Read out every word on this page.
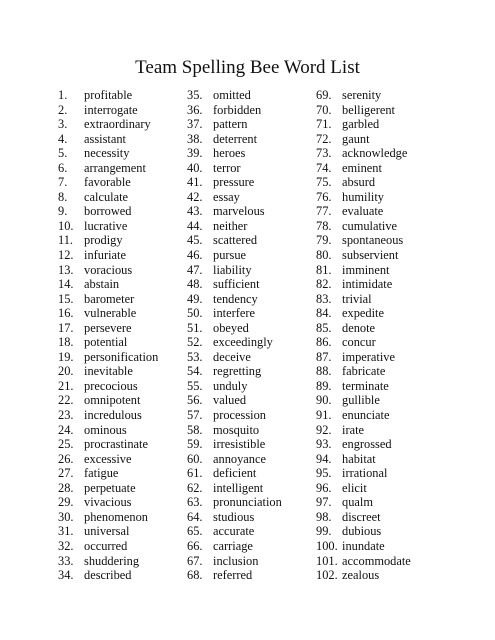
Team Spelling Bee Word List
1.	profitable
2.	interrogate
3.	extraordinary
4.	assistant
5.	necessity
6.	arrangement
7.	favorable
8.	calculate
9.	borrowed
10. lucrative
11. prodigy
12. infuriate
13. voracious
14. abstain
15. barometer
16. vulnerable
17. persevere
18. potential
19. personification
20. inevitable
21. precocious
22. omnipotent
23. incredulous
24. ominous
25. procrastinate
26. excessive
27. fatigue
28. perpetuate
29. vivacious
30. phenomenon
31. universal
32. occurred
33. shuddering
34. described
35. omitted
36. forbidden
37. pattern
38. deterrent
39. heroes
40. terror
41. pressure
42. essay
43. marvelous
44. neither
45. scattered
46. pursue
47. liability
48. sufficient
49. tendency
50. interfere
51. obeyed
52. exceedingly
53. deceive
54. regretting
55. unduly
56. valued
57. procession
58. mosquito
59. irresistible
60. annoyance
61. deficient
62. intelligent
63. pronunciation
64. studious
65. accurate
66. carriage
67. inclusion
68. referred
69. serenity
70. belligerent
71. garbled
72. gaunt
73. acknowledge
74. eminent
75. absurd
76. humility
77. evaluate
78. cumulative
79. spontaneous
80. subservient
81. imminent
82. intimidate
83. trivial
84. expedite
85. denote
86. concur
87. imperative
88. fabricate
89. terminate
90. gullible
91. enunciate
92. irate
93. engrossed
94. habitat
95. irrational
96. elicit
97. qualm
98. discreet
99. dubious
100. inundate
101. accommodate
102. zealous
